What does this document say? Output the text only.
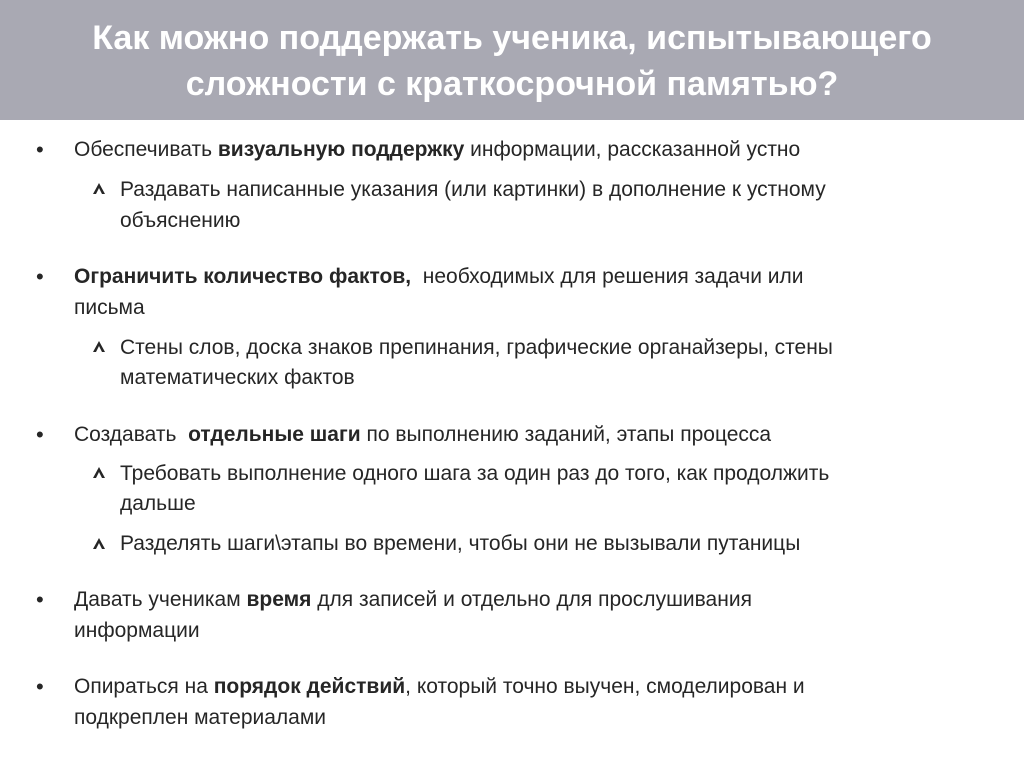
Как можно поддержать ученика, испытывающего
сложности с краткосрочной памятью?
• Обеспечивать визуальную поддержку информации, рассказанной устно
Раздавать написанные указания (или картинки) в дополнение к устному
объяснению
• Ограничить количество фактов,  необходимых для решения задачи или
письма
Стены слов, доска знаков препинания, графические органайзеры, стены
математических фактов
• Создавать  отдельные шаги по выполнению заданий, этапы процесса
Требовать выполнение одного шага за один раз до того, как продолжить
дальше
Разделять шаги\этапы во времени, чтобы они не вызывали путаницы
• Давать ученикам время для записей и отдельно для прослушивания
информации
• Опираться на порядок действий, который точно выучен, смоделирован и
подкреплен материалами
